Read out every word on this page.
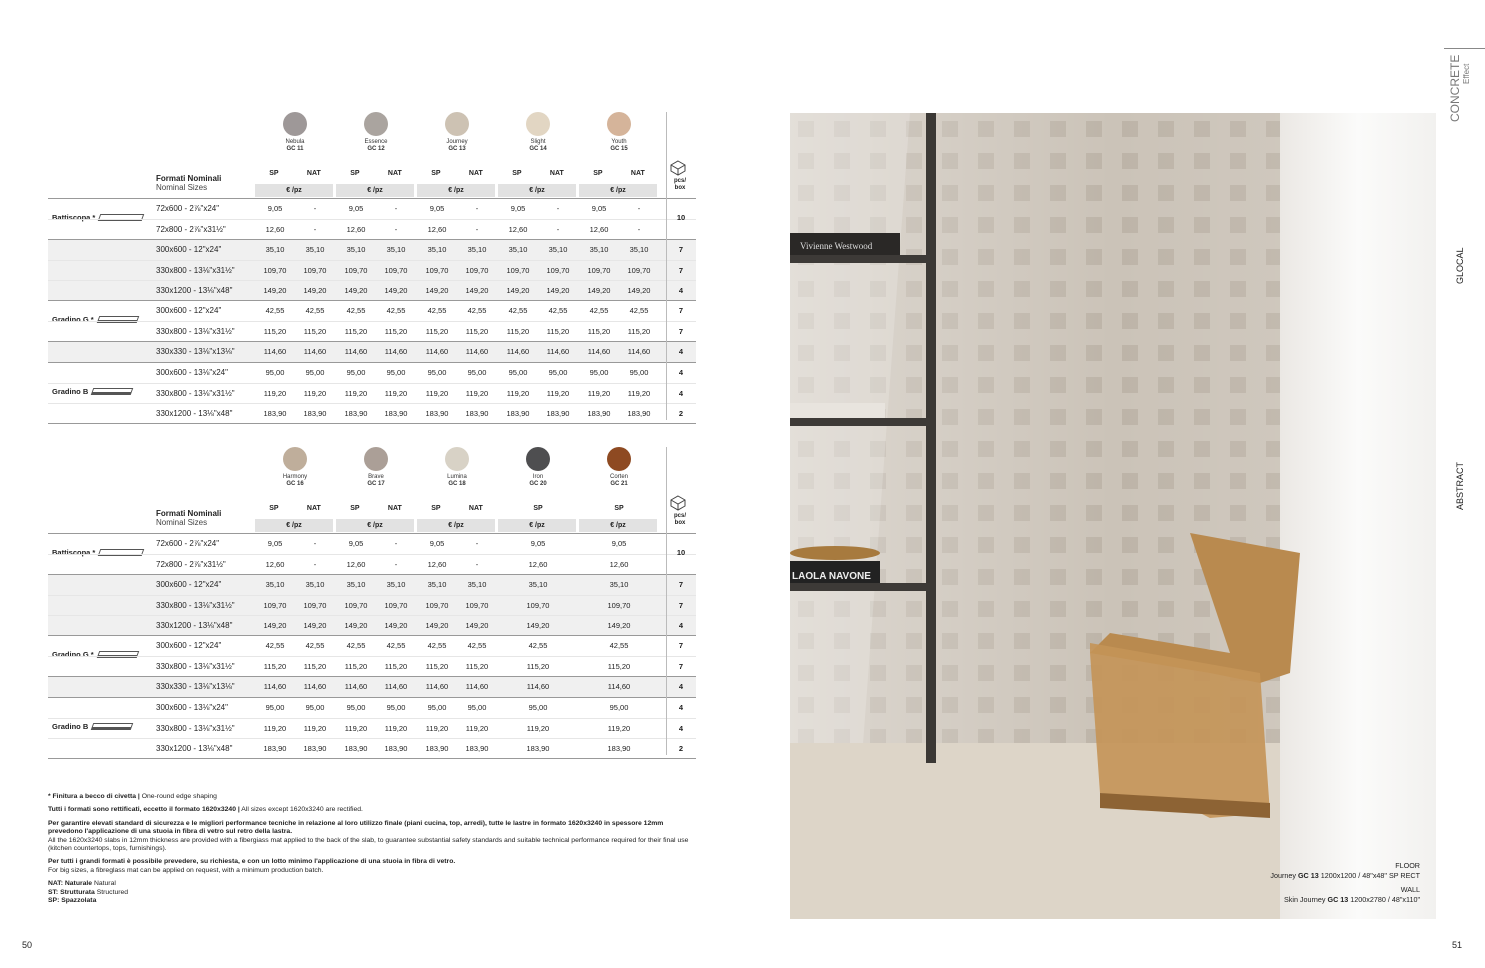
Nebula
GC 11
Essence
GC 12
Journey
GC 13
Slight
GC 14
Youth
GC 15
Formati Nominali
Nominal Sizes
SP	NAT
€ /pz
SP	NAT
€ /pz
SP	NAT
€ /pz
SP	NAT
€ /pz
SP	NAT
€ /pz
pcs/ box
Battiscopa *
72x600 - 2⅞"x24"	9,05	-	9,05	-	9,05	-	9,05	-	9,05	-
72x800 - 2⅞"x31½"	12,60	-	12,60	-	12,60	-	12,60	-	12,60	-
10
300x600 - 12"x24"	35,10	35,10	35,10	35,10	35,10	35,10	35,10	35,10	35,10	35,10	7
330x800 - 13⅛"x31½"	109,70	109,70	109,70	109,70	109,70	109,70	109,70	109,70	109,70	109,70	7
330x1200 - 13⅛"x48"	149,20	149,20	149,20	149,20	149,20	149,20	149,20	149,20	149,20	149,20	4
Gradino G *
300x600 - 12"x24"	42,55	42,55	42,55	42,55	42,55	42,55	42,55	42,55	42,55	42,55	7
330x800 - 13⅛"x31½"	115,20	115,20	115,20	115,20	115,20	115,20	115,20	115,20	115,20	115,20	7
330x330 - 13⅛"x13⅛"	114,60	114,60	114,60	114,60	114,60	114,60	114,60	114,60	114,60	114,60	4
Gradino B
300x600 - 13⅛"x24"	95,00	95,00	95,00	95,00	95,00	95,00	95,00	95,00	95,00	95,00	4
330x800 - 13⅛"x31½"	119,20	119,20	119,20	119,20	119,20	119,20	119,20	119,20	119,20	119,20	4
330x1200 - 13⅛"x48"	183,90	183,90	183,90	183,90	183,90	183,90	183,90	183,90	183,90	183,90	2
Harmony
GC 16
Brave
GC 17
Lumina
GC 18
Iron
GC 20
Corten
GC 21
Formati Nominali
Nominal Sizes
SP	NAT
€ /pz
SP	NAT
€ /pz
SP	NAT
€ /pz
SP
€ /pz
SP
€ /pz
pcs/ box
Battiscopa *
72x600 - 2⅞"x24"	9,05	-	9,05	-	9,05	-	9,05	9,05
72x800 - 2⅞"x31½"	12,60	-	12,60	-	12,60	-	12,60	12,60
10
300x600 - 12"x24"	35,10	35,10	35,10	35,10	35,10	35,10	35,10	35,10	7
330x800 - 13⅛"x31½"	109,70	109,70	109,70	109,70	109,70	109,70	109,70	109,70	7
330x1200 - 13⅛"x48"	149,20	149,20	149,20	149,20	149,20	149,20	149,20	149,20	4
Gradino G *
300x600 - 12"x24"	42,55	42,55	42,55	42,55	42,55	42,55	42,55	42,55	7
330x800 - 13⅛"x31½"	115,20	115,20	115,20	115,20	115,20	115,20	115,20	115,20	7
330x330 - 13⅛"x13⅛"	114,60	114,60	114,60	114,60	114,60	114,60	114,60	114,60	4
Gradino B
300x600 - 13⅛"x24"	95,00	95,00	95,00	95,00	95,00	95,00	95,00	95,00	4
330x800 - 13⅛"x31½"	119,20	119,20	119,20	119,20	119,20	119,20	119,20	119,20	4
330x1200 - 13⅛"x48"	183,90	183,90	183,90	183,90	183,90	183,90	183,90	183,90	2

* Finitura a becco di civetta | One-round edge shaping

Tutti i formati sono rettificati, eccetto il formato 1620x3240 | All sizes except 1620x3240 are rectified.

Per garantire elevati standard di sicurezza e le migliori performance tecniche in relazione al loro utilizzo finale (piani cucina, top, arredi), tutte le lastre in formato 1620x3240 in spessore 12mm prevedono l'applicazione di una stuoia in fibra di vetro sul retro della lastra.
All the 1620x3240 slabs in 12mm thickness are provided with a fibergiass mat applied to the back of the slab, to guarantee substantial safety standards and suitable technical performance required for their final use (kitchen countertops, tops, furnishings).

Per tutti i grandi formati è possibile prevedere, su richiesta, e con un lotto minimo l'applicazione di una stuoia in fibra di vetro.
For big sizes, a fibreglass mat can be applied on request, with a minimum production batch.

NAT: Naturale Natural
ST: Strutturata Structured
SP: Spazzolata

50	51
CONCRETE Effect
GLOCAL
ABSTRACT
Vivienne Westwood
LAOLA NAVONE
FLOOR
Journey GC 13 1200x1200 / 48"x48" SP RECT
WALL
Skin Journey GC 13 1200x2780 / 48"x110"
